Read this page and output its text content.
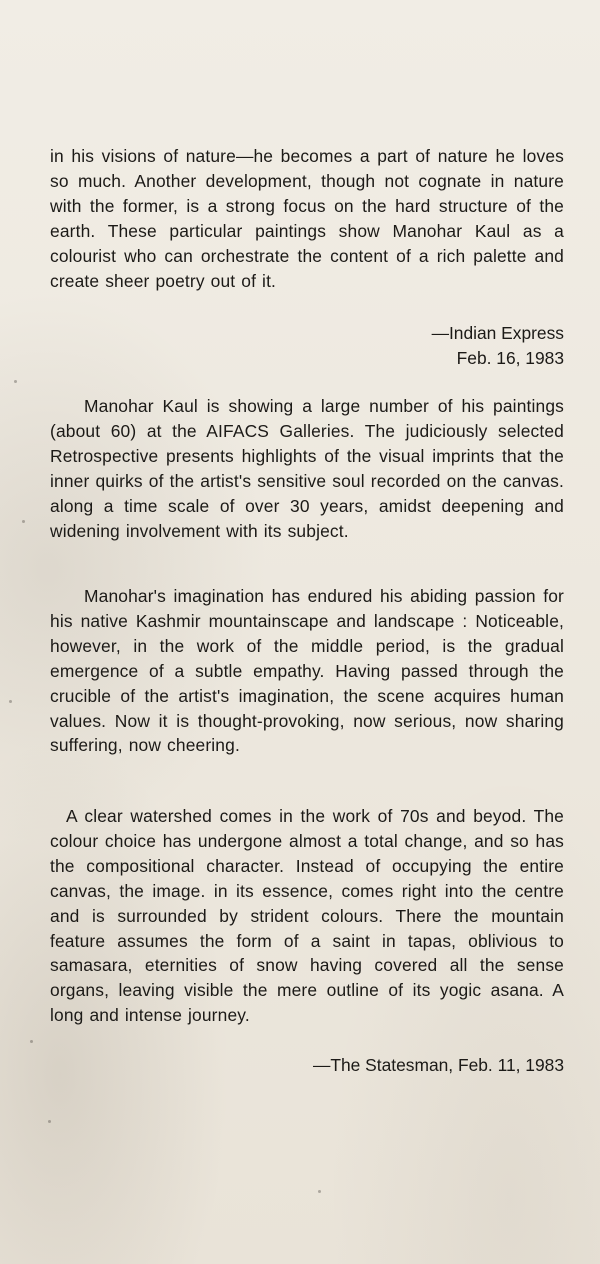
in his visions of nature—he becomes a part of nature he loves so much. Another development, though not cognate in nature with the former, is a strong focus on the hard structure of the earth. These particular paintings show Manohar Kaul as a colourist who can orchestrate the content of a rich palette and create sheer poetry out of it.

—Indian Express
Feb. 16, 1983

Manohar Kaul is showing a large number of his paintings (about 60) at the AIFACS Galleries. The judiciously selected Retrospective presents highlights of the visual imprints that the inner quirks of the artist's sensitive soul recorded on the canvas. along a time scale of over 30 years, amidst deepening and widening involvement with its subject.

Manohar's imagination has endured his abiding passion for his native Kashmir mountainscape and landscape : Noticeable, however, in the work of the middle period, is the gradual emergence of a subtle empathy. Having passed through the crucible of the artist's imagination, the scene acquires human values. Now it is thought-provoking, now serious, now sharing suffering, now cheering.

A clear watershed comes in the work of 70s and beyod. The colour choice has undergone almost a total change, and so has the compositional character. Instead of occupying the entire canvas, the image. in its essence, comes right into the centre and is surrounded by strident colours. There the mountain feature assumes the form of a saint in tapas, oblivious to samasara, eternities of snow having covered all the sense organs, leaving visible the mere outline of its yogic asana. A long and intense journey.

—The Statesman, Feb. 11, 1983
